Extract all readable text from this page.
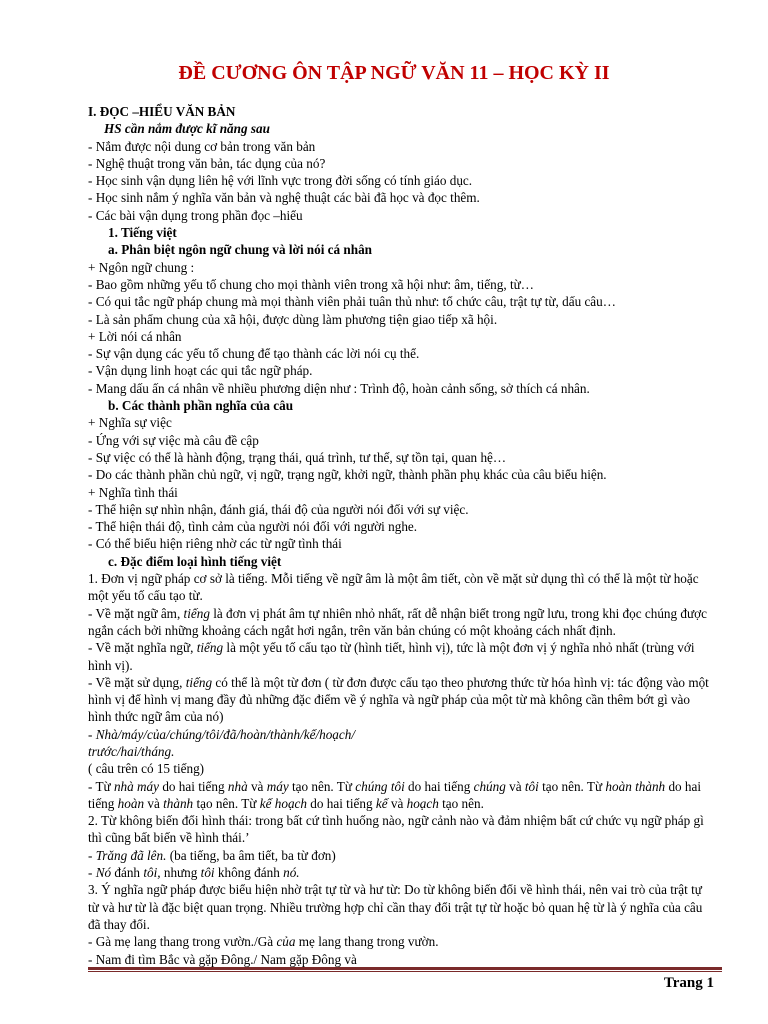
ĐỀ CƯƠNG ÔN TẬP NGỮ VĂN 11 – HỌC KỲ II
I. ĐỌC –HIỂU VĂN BẢN
HS cần nắm được kĩ năng sau
- Nắm được nội dung cơ bản trong văn bản
- Nghệ thuật trong văn bản, tác dụng của nó?
- Học sinh vận dụng liên hệ với lĩnh vực trong đời sống có tính giáo dục.
- Học sinh nắm ý nghĩa văn bản và nghệ thuật các bài đã học và đọc thêm.
- Các bài vận dụng trong phần đọc –hiểu
1. Tiếng việt
a. Phân biệt ngôn ngữ chung và lời nói cá nhân
+ Ngôn ngữ chung :
- Bao gồm những yếu tố chung cho mọi thành viên trong xã hội như: âm, tiếng, từ…
- Có qui tắc ngữ pháp chung mà mọi thành viên phải tuân thủ như: tổ chức câu, trật tự từ, dấu câu…
- Là sản phẩm chung của xã hội, được dùng làm phương tiện giao tiếp xã hội.
+ Lời nói cá nhân
- Sự vận dụng các yếu tố chung để tạo thành các lời nói cụ thể.
- Vận dụng linh hoạt các qui tắc ngữ pháp.
- Mang dấu ấn cá nhân về nhiều phương diện như : Trình độ, hoàn cảnh sống, sở thích cá nhân.
b. Các thành phần nghĩa của câu
+ Nghĩa sự việc
- Ứng với sự việc mà câu đề cập
- Sự việc có thể là hành động, trạng thái, quá trình, tư thế, sự tồn tại, quan hệ…
- Do các thành phần chủ ngữ, vị ngữ, trạng ngữ, khởi ngữ, thành phần phụ khác của câu biểu hiện.
+ Nghĩa tình thái
- Thể hiện sự nhìn nhận, đánh giá, thái độ của người nói đối với sự việc.
- Thể hiện thái độ, tình cảm của người nói đối với người nghe.
- Có thể biểu hiện riêng nhờ các từ ngữ tình thái
c. Đặc điểm loại hình tiếng việt
1. Đơn vị ngữ pháp cơ sở là tiếng. Mỗi tiếng về ngữ âm là một âm tiết, còn về mặt sử dụng thì có thể là một từ hoặc một yếu tố cấu tạo từ.
- Về mặt ngữ âm, tiếng là đơn vị phát âm tự nhiên nhỏ nhất, rất dễ nhận biết trong ngữ lưu, trong khi đọc chúng được ngắn cách bởi những khoảng cách ngắt hơi ngắn, trên văn bản chúng có một khoảng cách nhất định.
- Về mặt nghĩa ngữ, tiếng là một yếu tố cấu tạo từ (hình tiết, hình vị), tức là một đơn vị ý nghĩa nhỏ nhất (trùng với hình vị).
- Về mặt sử dụng, tiếng có thể là một từ đơn ( từ đơn được cấu tạo theo phương thức từ hóa hình vị: tác động vào một hình vị để hình vị mang đầy đủ những đặc điểm về ý nghĩa và ngữ pháp của một từ mà không cần thêm bớt gì vào hình thức ngữ âm của nó)
- Nhà/máy/của/chúng/tôi/đã/hoàn/thành/kế/hoạch/
trước/hai/tháng.
( câu trên có 15 tiếng)
- Từ nhà máy do hai tiếng nhà và máy tạo nên. Từ chúng tôi do hai tiếng chúng và tôi tạo nên. Từ hoàn thành do hai tiếng hoàn và thành tạo nên. Từ kế hoạch do hai tiếng kế và hoạch tạo nên.
2. Từ không biến đổi hình thái: trong bất cứ tình huống nào, ngữ cảnh nào và đảm nhiệm bất cứ chức vụ ngữ pháp gì thì cũng bất biến về hình thái.’
- Trăng đã lên. (ba tiếng, ba âm tiết, ba từ đơn)
- Nó đánh tôi, nhưng tôi không đánh nó.
3. Ý nghĩa ngữ pháp được biểu hiện nhờ trật tự từ và hư từ: Do từ không biến đổi về hình thái, nên vai trò của trật tự từ và hư từ là đặc biệt quan trọng. Nhiều trường hợp chỉ cần thay đổi trật tự từ hoặc bỏ quan hệ từ là ý nghĩa của câu đã thay đổi.
- Gà mẹ lang thang trong vườn./Gà của mẹ lang thang trong vườn.
- Nam đi tìm Bắc và gặp Đông./ Nam gặp Đông và
Trang 1
